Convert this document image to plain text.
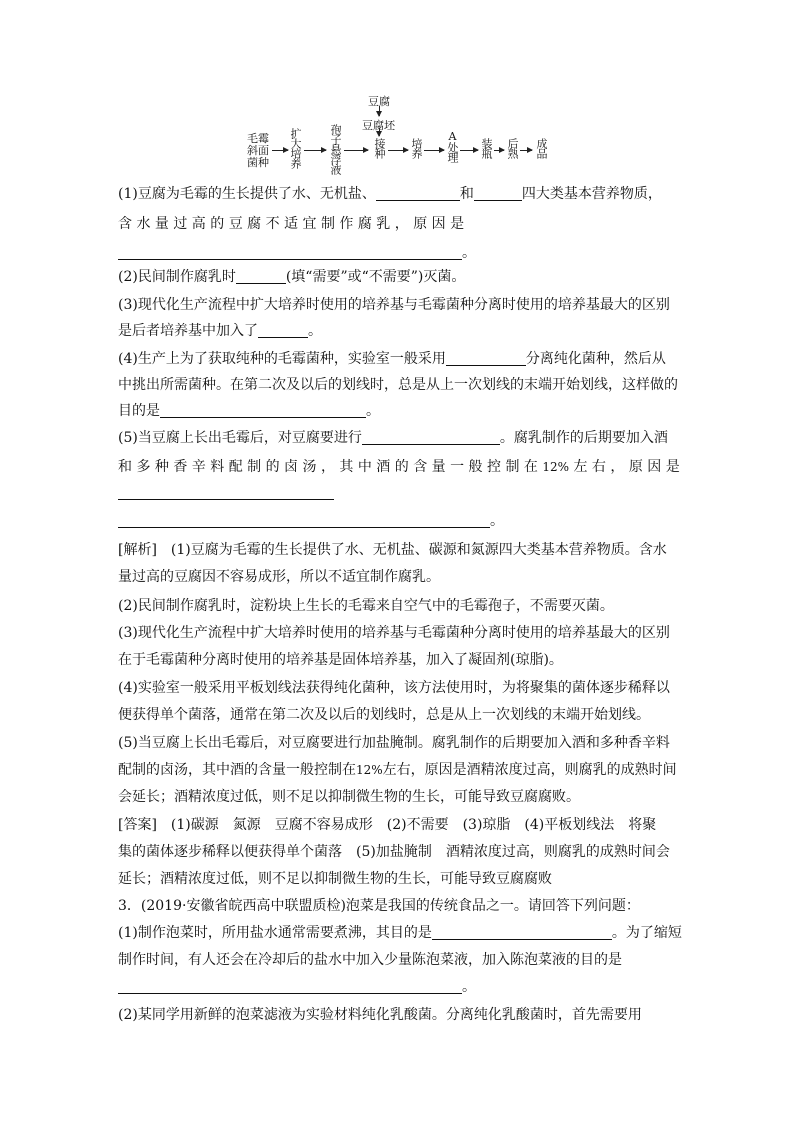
毛霉
斜面
菌种 扩大培养 孢子悬浮液
豆腐
豆腐坯
接种 培养 A处理 装瓶 后熟 成品
(1)豆腐为毛霉的生长提供了水、无机盐、	和	四大类基本营养物质，
含 水 量 过 高 的 豆 腐 不 适 宜 制 作 腐 乳 ， 原 因 是
。
(2)民间制作腐乳时	(填“需要”或“不需要”)灭菌。
(3)现代化生产流程中扩大培养时使用的培养基与毛霉菌种分离时使用的培养基最大的区别
是后者培养基中加入了	。
(4)生产上为了获取纯种的毛霉菌种，实验室一般采用	分离纯化菌种，然后从
中挑出所需菌种。在第二次及以后的划线时，总是从上一次划线的末端开始划线，这样做的
目的是	。
(5)当豆腐上长出毛霉后，对豆腐要进行	。腐乳制作的后期要加入酒
和 多 种 香 辛 料 配 制 的 卤 汤 ， 其 中 酒 的 含 量 一 般 控 制 在 12% 左 右 ， 原 因 是
。
[解析]　(1)豆腐为毛霉的生长提供了水、无机盐、碳源和氮源四大类基本营养物质。含水
量过高的豆腐因不容易成形，所以不适宜制作腐乳。
(2)民间制作腐乳时，淀粉块上生长的毛霉来自空气中的毛霉孢子，不需要灭菌。
(3)现代化生产流程中扩大培养时使用的培养基与毛霉菌种分离时使用的培养基最大的区别
在于毛霉菌种分离时使用的培养基是固体培养基，加入了凝固剂(琼脂)。
(4)实验室一般采用平板划线法获得纯化菌种，该方法使用时，为将聚集的菌体逐步稀释以
便获得单个菌落，通常在第二次及以后的划线时，总是从上一次划线的末端开始划线。
(5)当豆腐上长出毛霉后，对豆腐要进行加盐腌制。腐乳制作的后期要加入酒和多种香辛料
配制的卤汤，其中酒的含量一般控制在12%左右，原因是酒精浓度过高，则腐乳的成熟时间
会延长；酒精浓度过低，则不足以抑制微生物的生长，可能导致豆腐腐败。
[答案]　(1)碳源　氮源　豆腐不容易成形　(2)不需要　(3)琼脂　(4)平板划线法　将聚
集的菌体逐步稀释以便获得单个菌落　(5)加盐腌制　酒精浓度过高，则腐乳的成熟时间会
延长；酒精浓度过低，则不足以抑制微生物的生长，可能导致豆腐腐败
3．(2019·安徽省皖西高中联盟质检)泡菜是我国的传统食品之一。请回答下列问题：
(1)制作泡菜时，所用盐水通常需要煮沸，其目的是	。为了缩短
制作时间，有人还会在冷却后的盐水中加入少量陈泡菜液，加入陈泡菜液的目的是
。
(2)某同学用新鲜的泡菜滤液为实验材料纯化乳酸菌。分离纯化乳酸菌时，首先需要用
